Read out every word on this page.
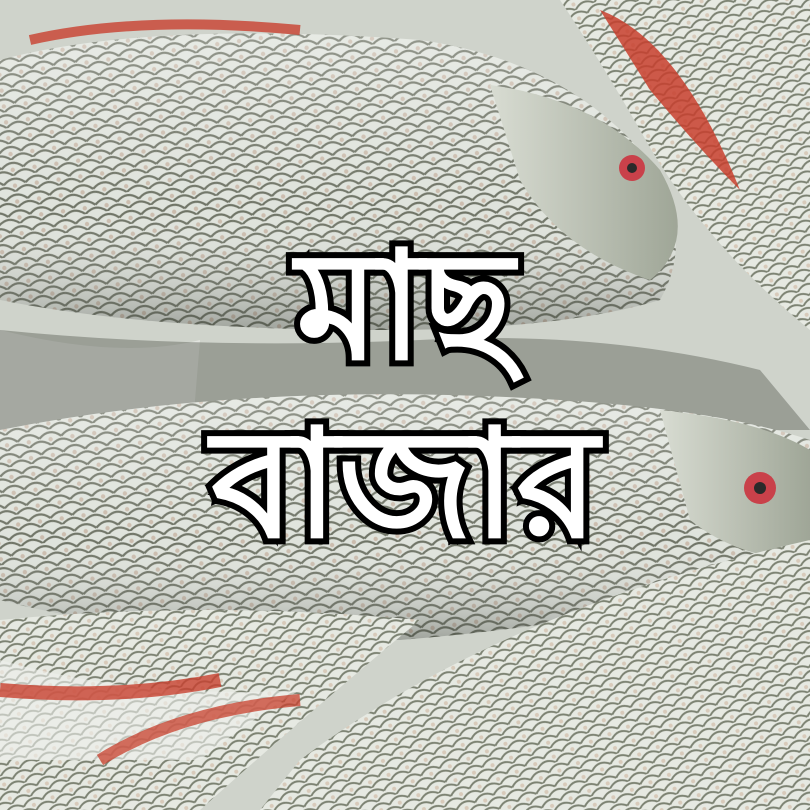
মাছ
বাজার
